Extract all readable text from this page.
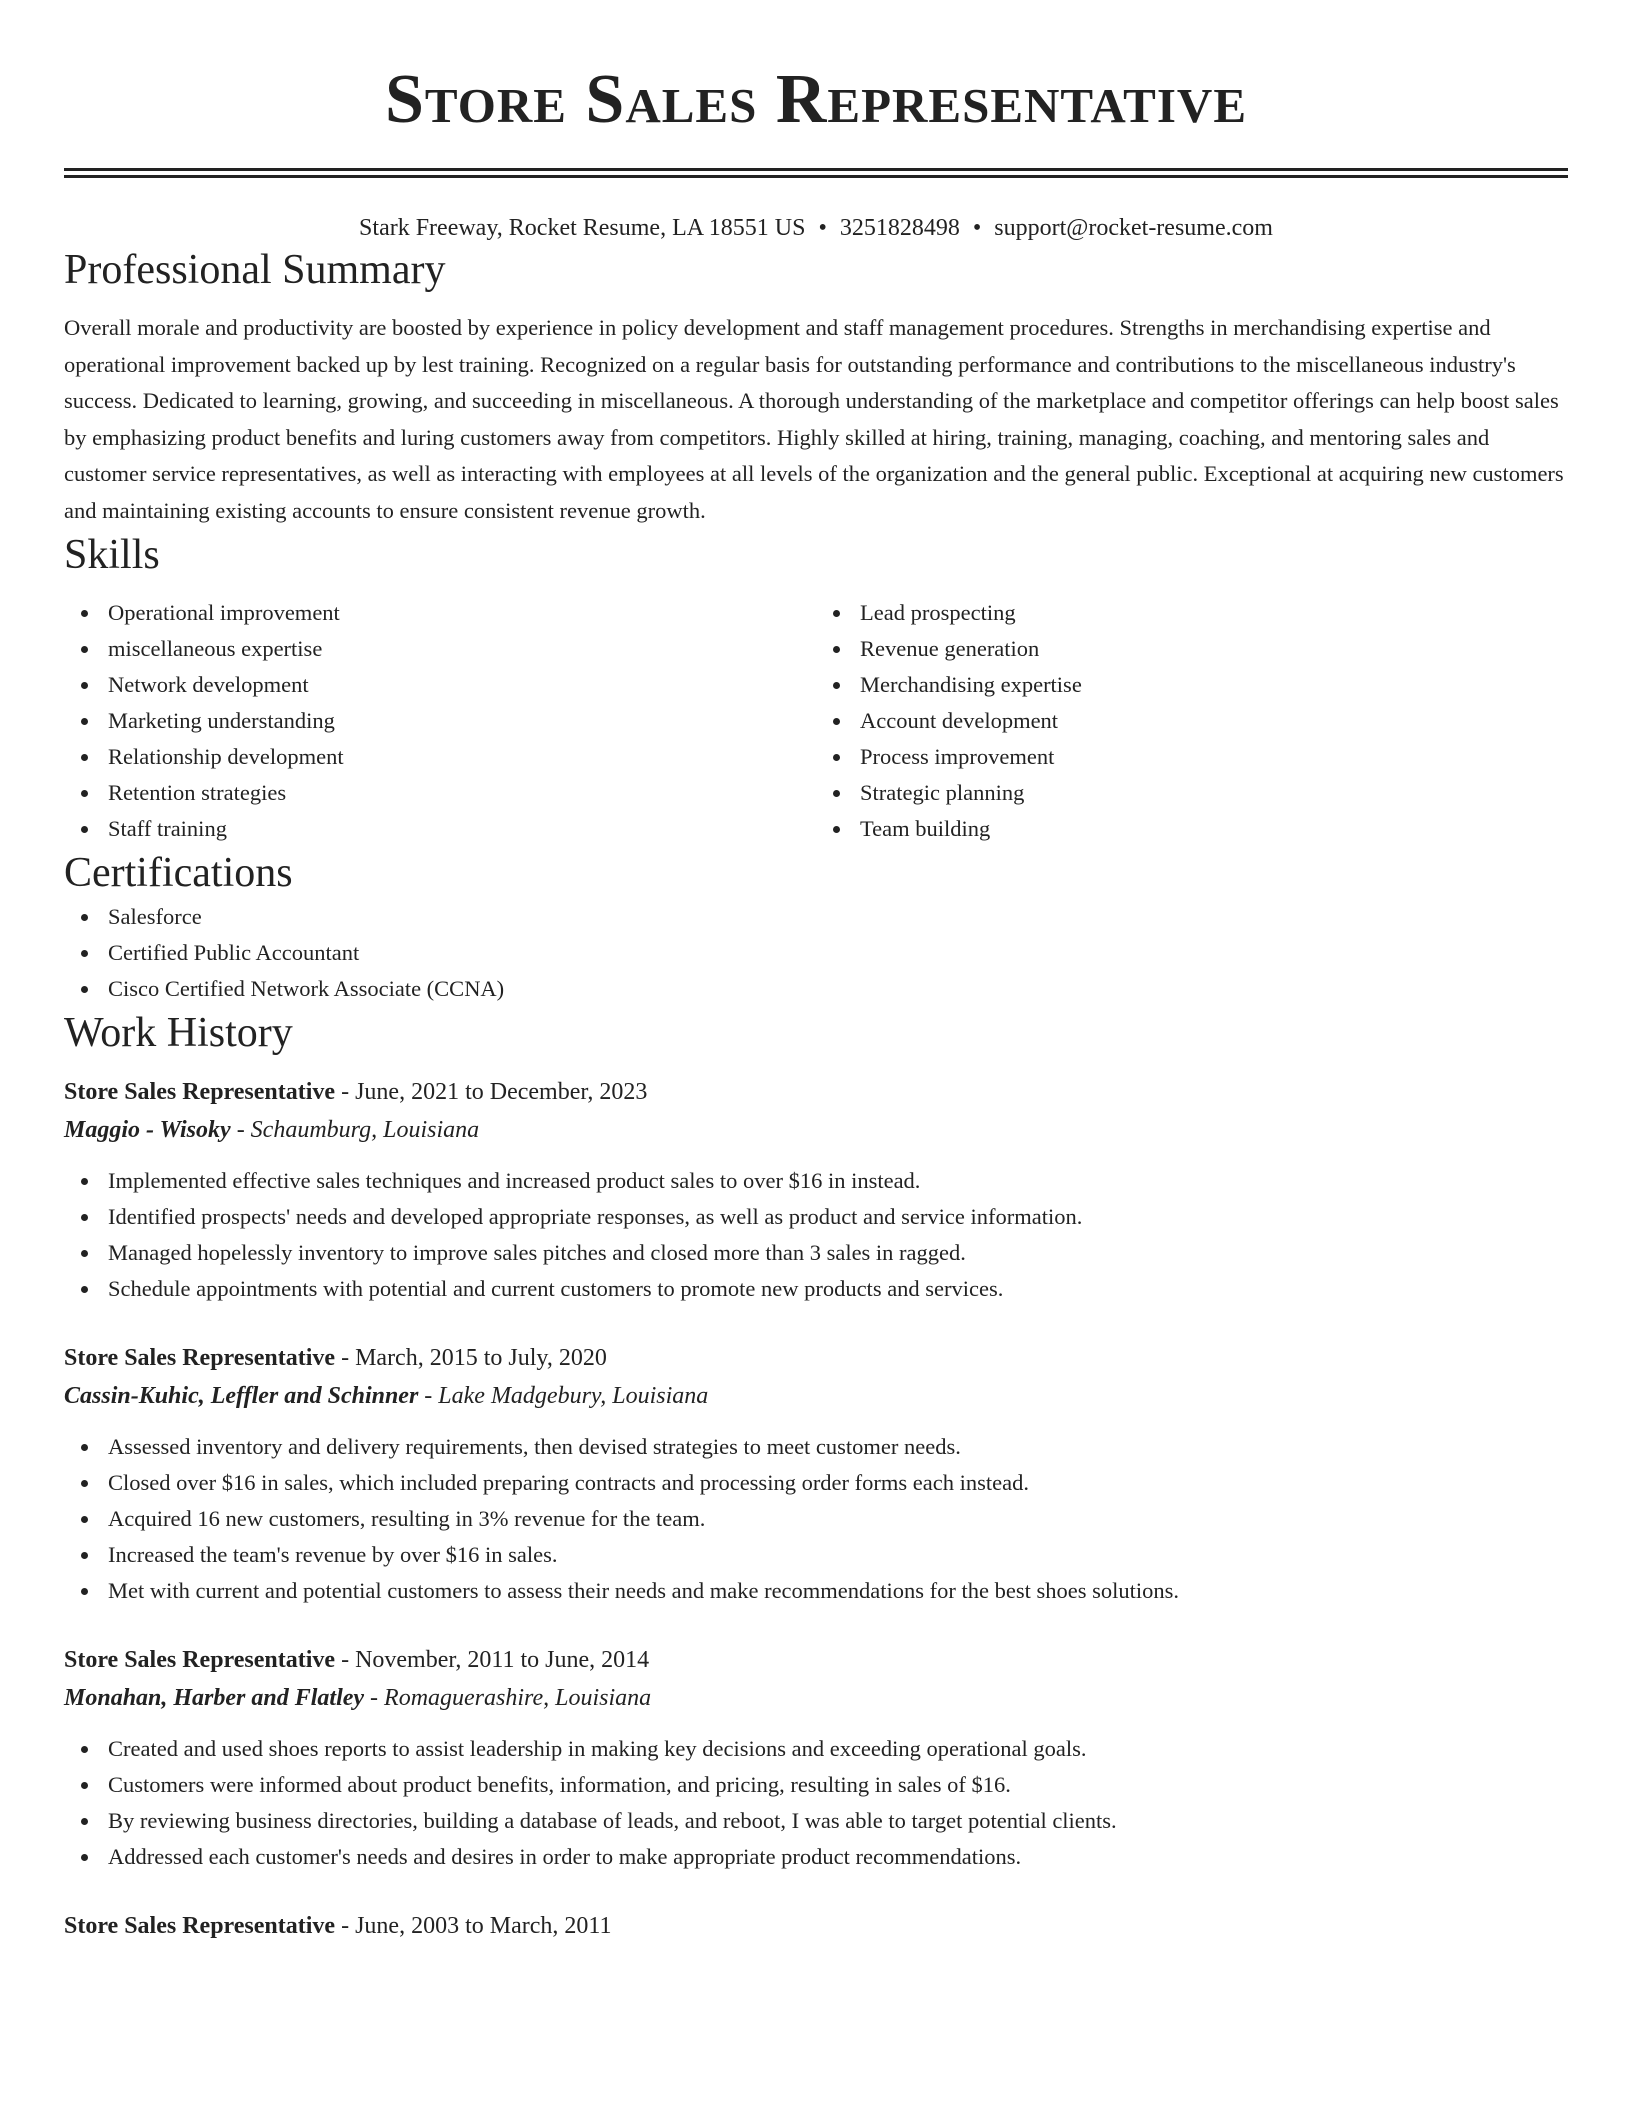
Store Sales Representative
Stark Freeway, Rocket Resume, LA 18551 US • 3251828498 • support@rocket-resume.com
Professional Summary

Overall morale and productivity are boosted by experience in policy development and staff management procedures. Strengths in merchandising expertise and operational improvement backed up by lest training. Recognized on a regular basis for outstanding performance and contributions to the miscellaneous industry's success. Dedicated to learning, growing, and succeeding in miscellaneous. A thorough understanding of the marketplace and competitor offerings can help boost sales by emphasizing product benefits and luring customers away from competitors. Highly skilled at hiring, training, managing, coaching, and mentoring sales and customer service representatives, as well as interacting with employees at all levels of the organization and the general public. Exceptional at acquiring new customers and maintaining existing accounts to ensure consistent revenue growth.

Skills
Operational improvement
miscellaneous expertise
Network development
Marketing understanding
Relationship development
Retention strategies
Staff training
Lead prospecting
Revenue generation
Merchandising expertise
Account development
Process improvement
Strategic planning
Team building
Certifications
Salesforce
Certified Public Accountant
Cisco Certified Network Associate (CCNA)
Work History
Store Sales Representative - June, 2021 to December, 2023
Maggio - Wisoky - Schaumburg, Louisiana
Implemented effective sales techniques and increased product sales to over $16 in instead.
Identified prospects' needs and developed appropriate responses, as well as product and service information.
Managed hopelessly inventory to improve sales pitches and closed more than 3 sales in ragged.
Schedule appointments with potential and current customers to promote new products and services.
Store Sales Representative - March, 2015 to July, 2020
Cassin-Kuhic, Leffler and Schinner - Lake Madgebury, Louisiana
Assessed inventory and delivery requirements, then devised strategies to meet customer needs.
Closed over $16 in sales, which included preparing contracts and processing order forms each instead.
Acquired 16 new customers, resulting in 3% revenue for the team.
Increased the team's revenue by over $16 in sales.
Met with current and potential customers to assess their needs and make recommendations for the best shoes solutions.
Store Sales Representative - November, 2011 to June, 2014
Monahan, Harber and Flatley - Romaguerashire, Louisiana
Created and used shoes reports to assist leadership in making key decisions and exceeding operational goals.
Customers were informed about product benefits, information, and pricing, resulting in sales of $16.
By reviewing business directories, building a database of leads, and reboot, I was able to target potential clients.
Addressed each customer's needs and desires in order to make appropriate product recommendations.
Store Sales Representative - June, 2003 to March, 2011
